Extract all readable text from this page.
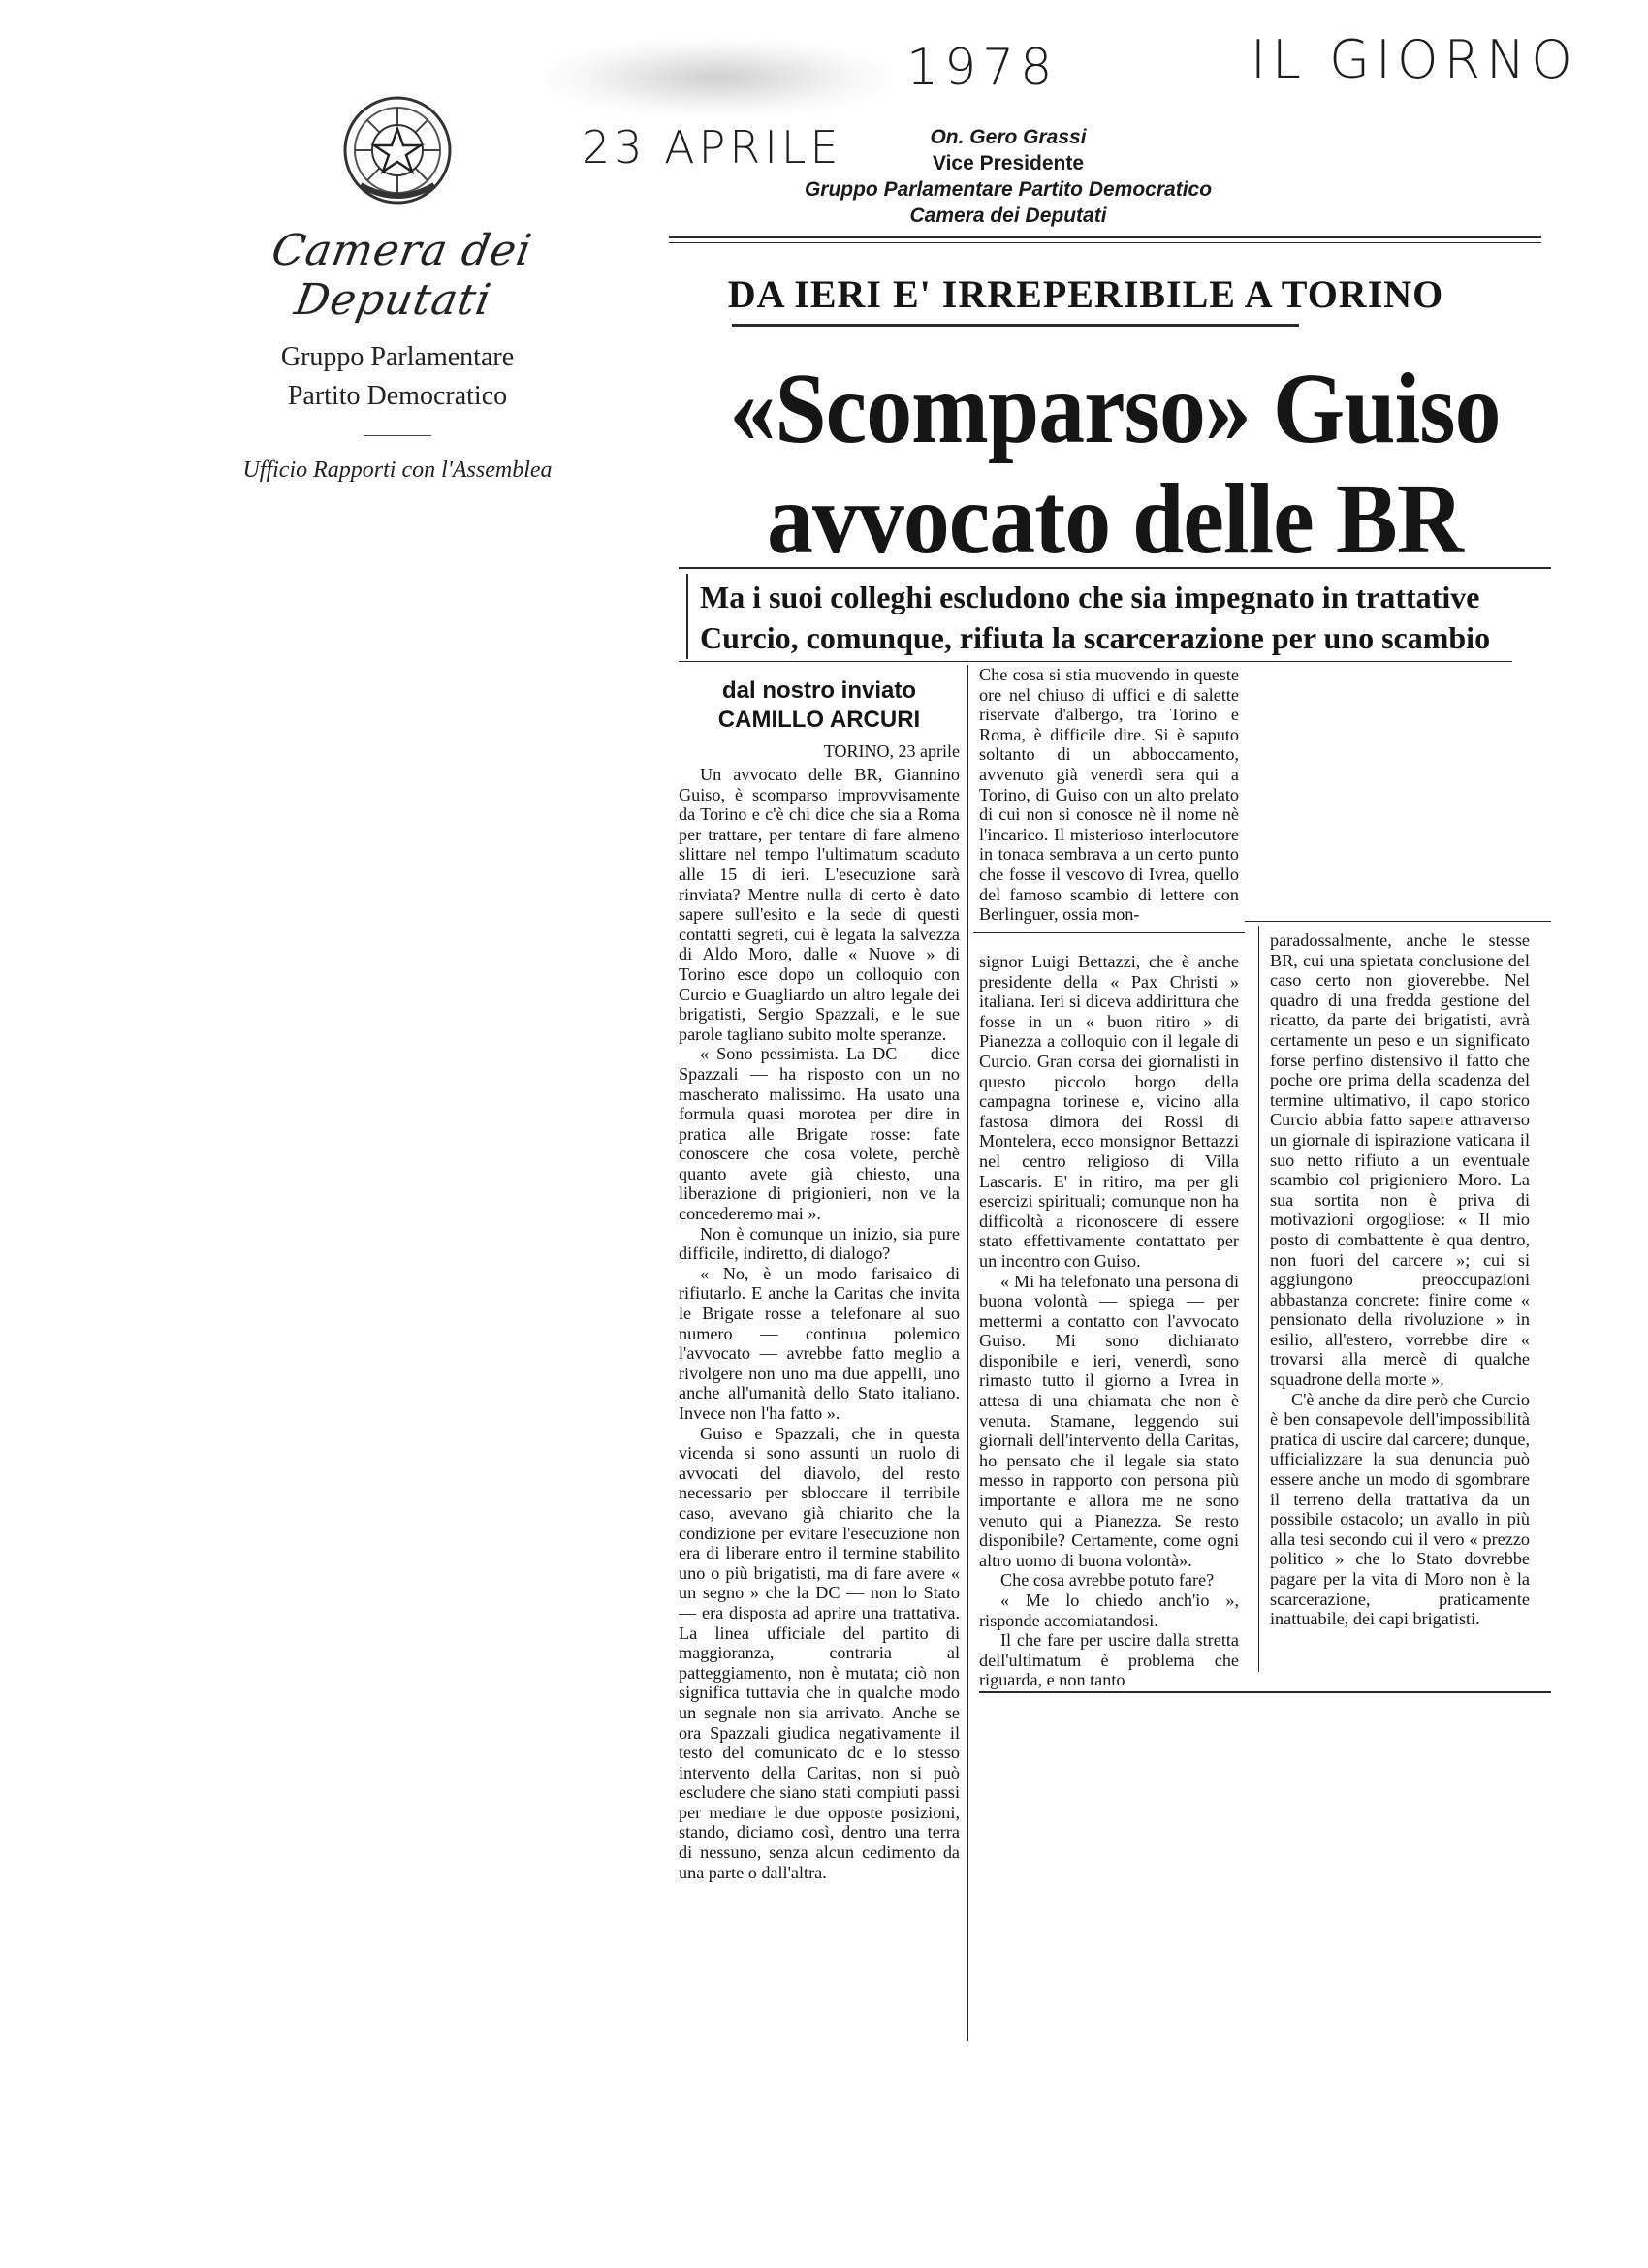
Camera dei Deputati
Gruppo Parlamentare
Partito Democratico
Ufficio Rapporti con l'Assemblea
1978	IL GIORNO
23 APRILE	On. Gero Grassi
Vice Presidente
Gruppo Parlamentare Partito Democratico
Camera dei Deputati
DA IERI E' IRREPERIBILE A TORINO
«Scomparso» Guiso
avvocato delle BR
Ma i suoi colleghi escludono che sia impegnato in trattative
Curcio, comunque, rifiuta la scarcerazione per uno scambio
dal nostro inviato
CAMILLO ARCURI
TORINO, 23 aprile

Un avvocato delle BR, Giannino Guiso, è scomparso improvvisamente da Torino e c'è chi dice che sia a Roma per trattare, per tentare di fare almeno slittare nel tempo l'ultimatum scaduto alle 15 di ieri. L'esecuzione sarà rinviata? Mentre nulla di certo è dato sapere sull'esito e la sede di questi contatti segreti, cui è legata la salvezza di Aldo Moro, dalle « Nuove » di Torino esce dopo un colloquio con Curcio e Guagliardo un altro legale dei brigatisti, Sergio Spazzali, e le sue parole tagliano subito molte speranze.

« Sono pessimista. La DC — dice Spazzali — ha risposto con un no mascherato malissimo. Ha usato una formula quasi morotea per dire in pratica alle Brigate rosse: fate conoscere che cosa volete, perchè quanto avete già chiesto, una liberazione di prigionieri, non ve la concederemo mai ».

Non è comunque un inizio, sia pure difficile, indiretto, di dialogo?

« No, è un modo farisaico di rifiutarlo. E anche la Caritas che invita le Brigate rosse a telefonare al suo numero — continua polemico l'avvocato — avrebbe fatto meglio a rivolgere non uno ma due appelli, uno anche all'umanità dello Stato italiano. Invece non l'ha fatto ».

Guiso e Spazzali, che in questa vicenda si sono assunti un ruolo di avvocati del diavolo, del resto necessario per sbloccare il terribile caso, avevano già chiarito che la condizione per evitare l'esecuzione non era di liberare entro il termine stabilito uno o più brigatisti, ma di fare avere « un segno » che la DC — non lo Stato — era disposta ad aprire una trattativa. La linea ufficiale del partito di maggioranza, contraria al patteggiamento, non è mutata; ciò non significa tuttavia che in qualche modo un segnale non sia arrivato. Anche se ora Spazzali giudica negativamente il testo del comunicato dc e lo stesso intervento della Caritas, non si può escludere che siano stati compiuti passi per mediare le due opposte posizioni, stando, diciamo così, dentro una terra di nessuno, senza alcun cedimento da una parte o dall'altra.

Che cosa si stia muovendo in queste ore nel chiuso di uffici e di salette riservate d'albergo, tra Torino e Roma, è difficile dire. Si è saputo soltanto di un abboccamento, avvenuto già venerdì sera qui a Torino, di Guiso con un alto prelato di cui non si conosce nè il nome nè l'incarico. Il misterioso interlocutore in tonaca sembrava a un certo punto che fosse il vescovo di Ivrea, quello del famoso scambio di lettere con Berlinguer, ossia mon-

signor Luigi Bettazzi, che è anche presidente della « Pax Christi » italiana. Ieri si diceva addirittura che fosse in un « buon ritiro » di Pianezza a colloquio con il legale di Curcio. Gran corsa dei giornalisti in questo piccolo borgo della campagna torinese e, vicino alla fastosa dimora dei Rossi di Montelera, ecco monsignor Bettazzi nel centro religioso di Villa Lascaris. E' in ritiro, ma per gli esercizi spirituali; comunque non ha difficoltà a riconoscere di essere stato effettivamente contattato per un incontro con Guiso.

« Mi ha telefonato una persona di buona volontà — spiega — per mettermi a contatto con l'avvocato Guiso. Mi sono dichiarato disponibile e ieri, venerdì, sono rimasto tutto il giorno a Ivrea in attesa di una chiamata che non è venuta. Stamane, leggendo sui giornali dell'intervento della Caritas, ho pensato che il legale sia stato messo in rapporto con persona più importante e allora me ne sono venuto qui a Pianezza. Se resto disponibile? Certamente, come ogni altro uomo di buona volontà».

Che cosa avrebbe potuto fare?

« Me lo chiedo anch'io », risponde accomiatandosi.

Il che fare per uscire dalla stretta dell'ultimatum è problema che riguarda, e non tanto

paradossalmente, anche le stesse BR, cui una spietata conclusione del caso certo non gioverebbe. Nel quadro di una fredda gestione del ricatto, da parte dei brigatisti, avrà certamente un peso e un significato forse perfino distensivo il fatto che poche ore prima della scadenza del termine ultimativo, il capo storico Curcio abbia fatto sapere attraverso un giornale di ispirazione vaticana il suo netto rifiuto a un eventuale scambio col prigioniero Moro. La sua sortita non è priva di motivazioni orgogliose: « Il mio posto di combattente è qua dentro, non fuori del carcere »; cui si aggiungono preoccupazioni abbastanza concrete: finire come « pensionato della rivoluzione » in esilio, all'estero, vorrebbe dire « trovarsi alla mercè di qualche squadrone della morte ».

C'è anche da dire però che Curcio è ben consapevole dell'impossibilità pratica di uscire dal carcere; dunque, ufficializzare la sua denuncia può essere anche un modo di sgombrare il terreno della trattativa da un possibile ostacolo; un avallo in più alla tesi secondo cui il vero « prezzo politico » che lo Stato dovrebbe pagare per la vita di Moro non è la scarcerazione, praticamente inattuabile, dei capi brigatisti.
